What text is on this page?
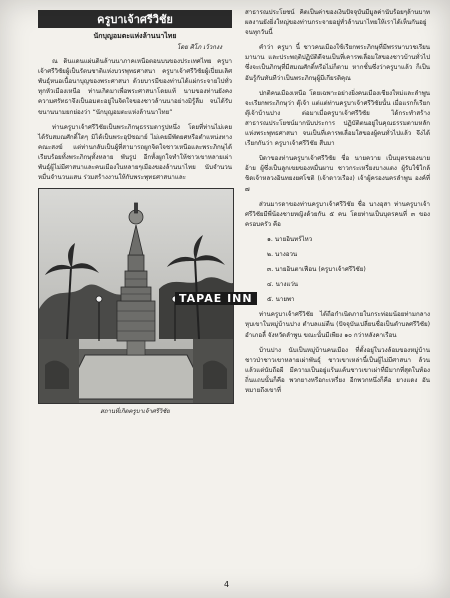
ครูบาเจ้าศรีวิชัย
นักบุญอมตะแห่งล้านนาไทย
โดย ศิโภ เว้วกงง

ณ ดินแดนแผ่นดินล้านนาภาคเหนือตอนบนของประเทศไทย ครูบาเจ้าศรีวิชัยผู้เป็นรัตนชาติแห่งบวรพุทธศาสนา ครูบาเจ้าศรีวิชัยผู้เปี่ยมเลิศพันธุ์หนอเนื้อนาบุญของพระศาสนา ด้วยบารมีของท่านได้แผ่กระจายไปทั่วทุกหัวเมืองเหนือ ท่านเกิดมาเพื่อพระศาสนาโดยแท้ นามของท่านยังคงความศรัทธาจึงเป็นอมตะอยู่ในจิตใจของชาวล้านนาอย่างมิรู้ลืม จนได้รับขนานนามยกย่องว่า “นักบุญอมตะแห่งล้านนาไทย”

ท่านครูบาเจ้าศรีวิชัยเป็นพระภิกษุธรรมดารูปหนึ่ง โดยที่ท่านไม่เคยได้รับสมณศักดิ์ใดๆ มิได้เป็นพระอุปัชฌาย์ ไม่เคยมีพัดยศหรือตำแหน่งทางคณะสงฆ์ แต่ท่านกลับเป็นผู้ที่สามารถผูกจิตใจชาวเหนือและพระภิกษุได้เรียบร้อยทั้งพระภิกษุทั้งหลาย พันรูป อีกทั้งผูกใจทำให้ชาวเขาหลายเผ่าพันธุ์ผู้ไม่มีศาสนาและคนเมืองในหลายๆเมืองของล้านนาไทย นับจำนวนหมื่นจำนวนแสน ร่วมสร้างงานให้กับพระพุทธศาสนาและ

สถานที่เกิดครูบาเจ้าศรีวิชัย

สาธารณประโยชน์ คิดเป็นค่าของเงินปัจจุบันมีมูลค่านับร้อยๆล้านบาท ผลงานยังยิ่งใหญ่ของท่านกระจายอยู่ทั่วล้านนาไทยให้เราได้เห็นกันอยู่จนทุกวันนี้

คำว่า ครูบา นี้ ชาวคนเมืองใช้เรียกพระภิกษุที่มีพรรษาบวชเรียนมานาน และประพฤติปฏิบัติดีจนเป็นที่เคารพเลื่อมใสของชาวบ้านทั่วไป ซึ่งจะเป็นภิกษุที่มีสมณศักดิ์หรือไม่ก็ตาม หากชั้นซึ่งว่าครูบาแล้ว ก็เป็นอันรู้กันทันทีว่าเป็นพระภิกษุผู้มีเกียรติคุณ

ปกติคนเมืองเหนือ โดยเฉพาะอย่างยิ่งคนเมืองเชียงใหม่และลำพูน จะเรียกพระภิกษุว่า ตุ๊เจ้า แต่แต่ท่านครูบาเจ้าศรีวิชัยนั้น เมื่อแรกก็เรียก ตุ๊เจ้าบ้านปาง ต่อมาเมื่อครูบาเจ้าศรีวิชัย ได้กระทำสร้างสาธารณประโยชน์มากนับประการ ปฏิบัติตนอยู่ในคุณธรรมตามหลักแห่งพระพุทธศาสนา จนเป็นที่เคารพเลื่อมใสของผู้คนทั่วไปแล้ว จึงได้เรียกกันว่า ครูบาเจ้าศรีวิชัย สืบมา

บิดาของท่านครูบาเจ้าศรีวิชัย ชื่อ นายควาย เป็นบุตรของนายอ้าย ผู้ซึ่งเป็นลูกเขยของหมื่นผาบ ชาวกระเหรี่ยงบางแดง ผู้รับใช้ใกล้ชิดเจ้าหลวงอินทยงยศโชติ (เจ้าดาวเรือง) เจ้าผู้ครองนครลำพูน องค์ที่ ๗

ส่วนมารดาของท่านครูบาเจ้าศรีวิชัย ชื่อ นางอุสา ท่านครูบาเจ้าศรีวิชัยมีพี่น้องชายหญิงด้วยกัน ๕ คน โดยท่านเป็นบุตรคนที่ ๓ ของครอบครัว คือ

๑. นายอินทร์ไหว
๒. นางอวน
๓. นายอินตาเฟือน (ครูบาเจ้าศรีวิชัย)
๔. นางแว่น
๕. นายพา

ท่านครูบาเจ้าศรีวิชัย ได้ถือกำเนิดภายในกระท่อมน้อยท่ามกลางหุบเขาในหมู่บ้านปาง ตำบลแม่ตืน (ปัจจุบันเปลี่ยนชื่อเป็นตำบลศรีวิชัย) อำเภอลี้ จังหวัดลำพูน ขณะนั้นมีเพียง ๑๐ กว่าหลังคาเรือน

บ้านปาง นับเป็นหมู่บ้านคนเมือง ที่ตั้งอยู่ในวงล้อมของหมู่บ้านชาวป่าชาวเขาหลายเผ่าพันธุ์ ชาวเขาเหล่านี้เป็นผู้ไม่มีศาสนา ล้วนแล้วแต่นับถือผี มีความเป็นอยู่แร้นแค้นชาวเขาเผ่าที่มีมากที่สุดในท้องถิ่นแถบนั้นก็คือ พวกยางหรือกะเหรี่ยง อีกพวกหนึ่งก็คือ ยางแดง อันหมายถึงเขาที่

TAPAE INN
4
